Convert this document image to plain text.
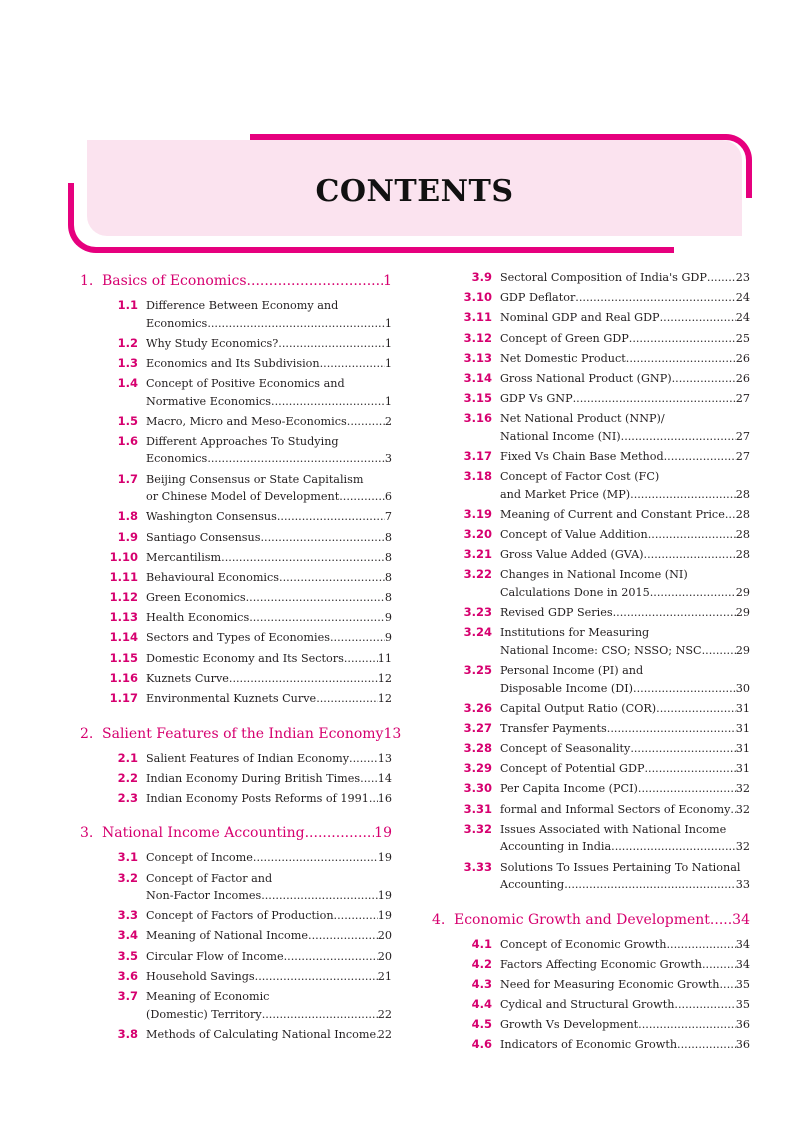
CONTENTS
1. Basics of Economics .....	1
1.1 Difference Between Economy and
Economics .....	1
1.2 Why Study Economics? .....	1
1.3 Economics and Its Subdivision .....	1
1.4 Concept of Positive Economics and
Normative Economics .....	1
1.5 Macro, Micro and Meso-Economics .....	2
1.6 Different Approaches To Studying
Economics .....	3
1.7 Beijing Consensus or State Capitalism
or Chinese Model of Development .....	6
1.8 Washington Consensus .....	7
1.9 Santiago Consensus .....	8
1.10 Mercantilism .....	8
1.11 Behavioural Economics .....	8
1.12 Green Economics .....	8
1.13 Health Economics .....	9
1.14 Sectors and Types of Economies .....	9
1.15 Domestic Economy and Its Sectors .....	11
1.16 Kuznets Curve .....	12
1.17 Environmental Kuznets Curve .....	12
2. Salient Features of the Indian Economy 13
2.1 Salient Features of Indian Economy .....	13
2.2 Indian Economy During British Times ..... 14
2.3 Indian Economy Posts Reforms of 1991 ..... 16
3. National Income Accounting .....	19
3.1 Concept of Income .....	19
3.2 Concept of Factor and
Non-Factor Incomes .....	19
3.3 Concept of Factors of Production .....	19
3.4 Meaning of National Income .....	20
3.5 Circular Flow of Income .....	20
3.6 Household Savings .....	21
3.7 Meaning of Economic
(Domestic) Territory .....	22
3.8 Methods of Calculating National Income ..... 22
3.9 Sectoral Composition of India's GDP .....	23
3.10 GDP Deflator .....	24
3.11 Nominal GDP and Real GDP .....	24
3.12 Concept of Green GDP .....	25
3.13 Net Domestic Product .....	26
3.14 Gross National Product (GNP) .....	26
3.15 GDP Vs GNP .....	27
3.16 Net National Product (NNP)/
National Income (NI) .....	27
3.17 Fixed Vs Chain Base Method .....	27
3.18 Concept of Factor Cost (FC)
and Market Price (MP) .....	28
3.19 Meaning of Current and Constant Price ..... 28
3.20 Concept of Value Addition .....	28
3.21 Gross Value Added (GVA) .....	28
3.22 Changes in National Income (NI)
Calculations Done in 2015 .....	29
3.23 Revised GDP Series .....	29
3.24 Institutions for Measuring
National Income: CSO; NSSO; NSC .....	29
3.25 Personal Income (PI) and
Disposable Income (DI) .....	30
3.26 Capital Output Ratio (COR) .....	31
3.27 Transfer Payments .....	31
3.28 Concept of Seasonality .....	31
3.29 Concept of Potential GDP .....	31
3.30 Per Capita Income (PCI) .....	32
3.31 formal and Informal Sectors of Economy ..... 32
3.32 Issues Associated with National Income
Accounting in India .....	32
3.33 Solutions To Issues Pertaining To National
Accounting .....	33
4. Economic Growth and Development ..... 34
4.1 Concept of Economic Growth .....	34
4.2 Factors Affecting Economic Growth .....	34
4.3 Need for Measuring Economic Growth ..... 35
4.4 Cydical and Structural Growth .....	35
4.5 Growth Vs Development .....	36
4.6 Indicators of Economic Growth .....	36
